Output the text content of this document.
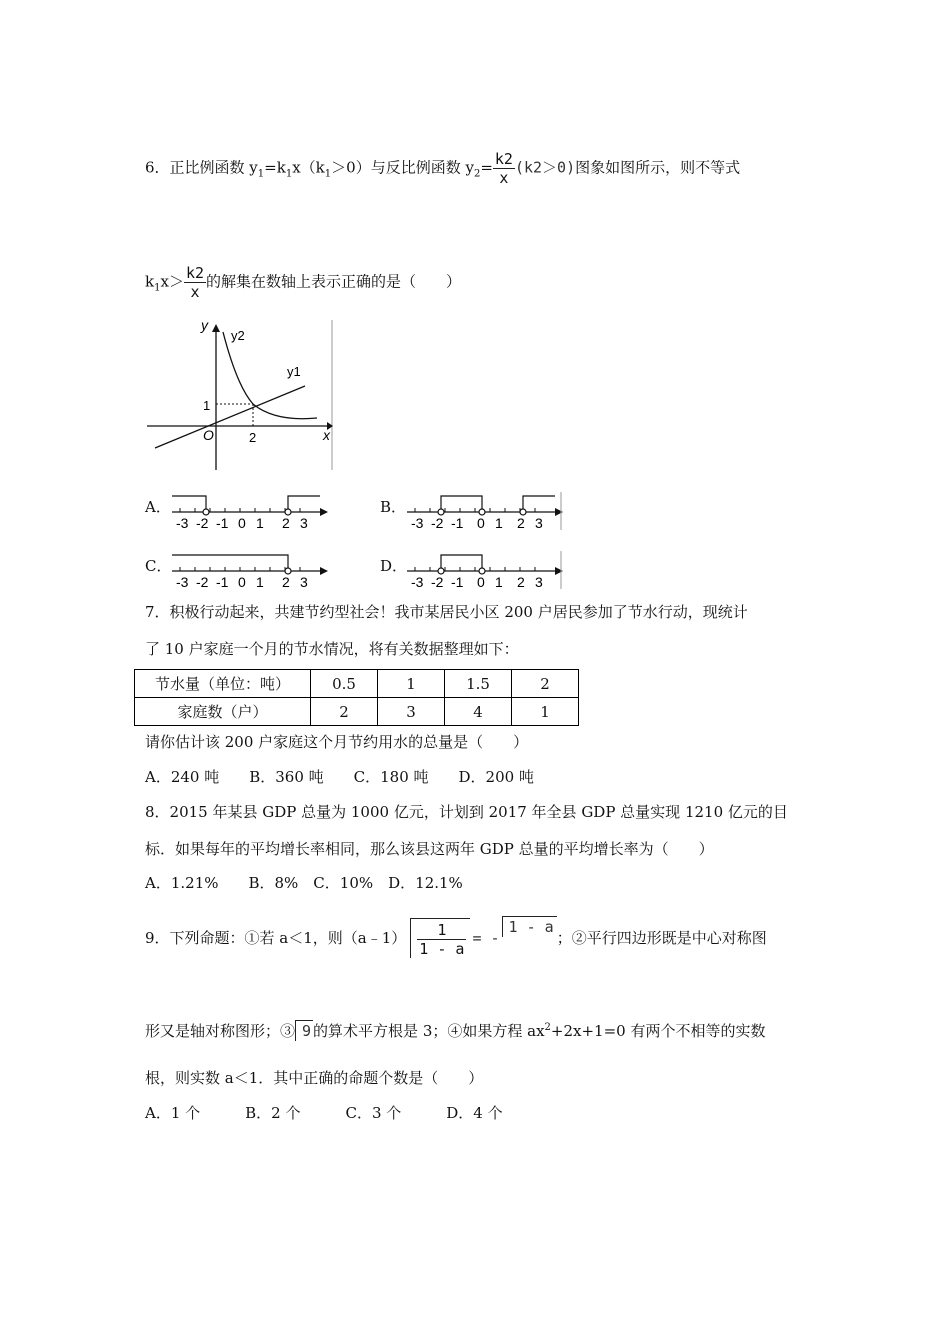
6．正比例函数 $y_1=k_1x(k_1>0)$与反比例函数 $y_2= \frac{k2}{x} (k2>0)$图象如图所示，则不等式
$k_1x> \frac{k2}{x}$ 的解集在数轴上表示正确的是（　　）
y
x
y2
y1
O	2
1
A．
-3 -2 -1 0 1 2 3
B．
-3 -2 -1 0 1 2 3
C．
-3 -2 -1 0 1 2 3
D．
-3 -2 -1 0 1 2 3
7．积极行动起来，共建节约型社会！我市某居民小区 200 户居民参加了节水行动，现统计
了 10 户家庭一个月的节水情况，将有关数据整理如下：
节水量（单位：吨）	0.5	1	1.5	2
家庭数（户）	2	3	4	1
请你估计该 200 户家庭这个月节约用水的总量是（　　）
A．240 吨　　B．360 吨　　C．180 吨　　D．200 吨
8．2015 年某县 GDP 总量为 1000 亿元，计划到 2017 年全县 GDP 总量实现 1210 亿元的目
标．如果每年的平均增长率相同，那么该县这两年 GDP 总量的平均增长率为（　　）
A．1.21%　　B．8%　C．10%　D．12.1%
9．下列命题：①若 a＜1，则（a﹣1） $\frac{1}{1 - a} = -1 - a$；②平行四边形既是中心对称图
形又是轴对称图形；③ 9 的算术平方根是 3；④如果方程 $ax^2+2x+1=0$ 有两个不相等的实数
根，则实数 a＜1．其中正确的命题个数是（　　）
A．1 个　　　B．2 个　　　C．3 个　　　D．4 个
